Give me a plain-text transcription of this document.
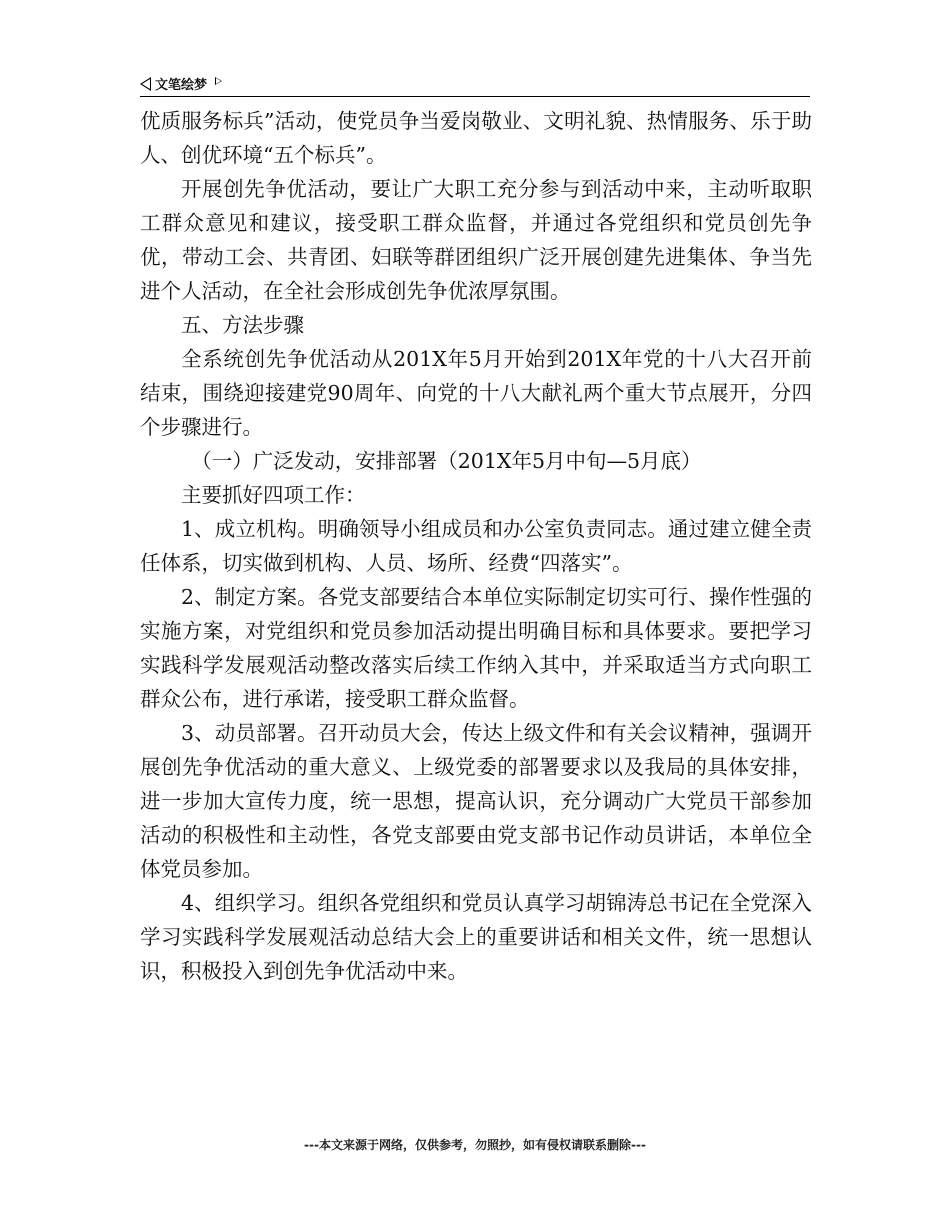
文笔绘梦

优质服务标兵”活动，使党员争当爱岗敬业、文明礼貌、热情服务、乐于助人、创优环境“五个标兵”。

开展创先争优活动，要让广大职工充分参与到活动中来，主动听取职工群众意见和建议，接受职工群众监督，并通过各党组织和党员创先争优，带动工会、共青团、妇联等群团组织广泛开展创建先进集体、争当先进个人活动，在全社会形成创先争优浓厚氛围。

五、方法步骤

全系统创先争优活动从201X年5月开始到201X年党的十八大召开前结束，围绕迎接建党90周年、向党的十八大献礼两个重大节点展开，分四个步骤进行。

（一）广泛发动，安排部署（201X年5月中旬—5月底）

主要抓好四项工作：

1、成立机构。明确领导小组成员和办公室负责同志。通过建立健全责任体系，切实做到机构、人员、场所、经费“四落实”。

2、制定方案。各党支部要结合本单位实际制定切实可行、操作性强的实施方案，对党组织和党员参加活动提出明确目标和具体要求。要把学习实践科学发展观活动整改落实后续工作纳入其中，并采取适当方式向职工群众公布，进行承诺，接受职工群众监督。

3、动员部署。召开动员大会，传达上级文件和有关会议精神，强调开展创先争优活动的重大意义、上级党委的部署要求以及我局的具体安排，进一步加大宣传力度，统一思想，提高认识，充分调动广大党员干部参加活动的积极性和主动性，各党支部要由党支部书记作动员讲话，本单位全体党员参加。

4、组织学习。组织各党组织和党员认真学习胡锦涛总书记在全党深入学习实践科学发展观活动总结大会上的重要讲话和相关文件，统一思想认识，积极投入到创先争优活动中来。

---本文来源于网络，仅供参考，勿照抄，如有侵权请联系删除---
